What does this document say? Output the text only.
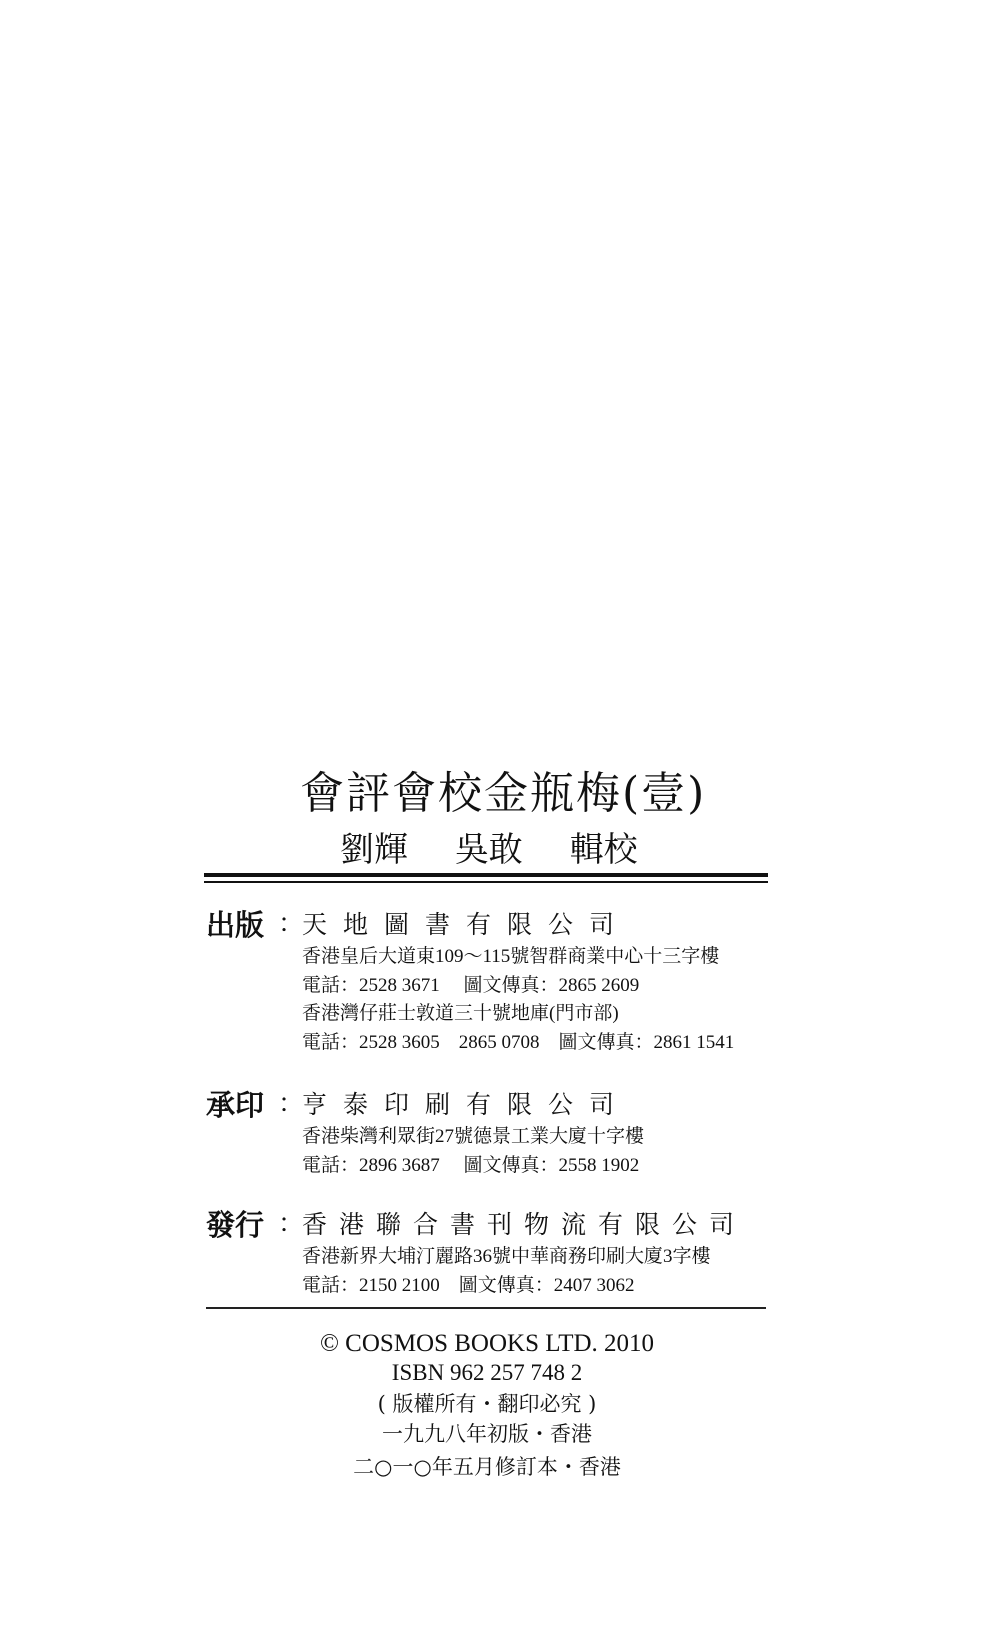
會評會校金瓶梅(壹)
劉輝 吳敢 輯校
出版 ：
天 地 圖 書 有 限 公 司
香港皇后大道東109～115號智群商業中心十三字樓
電話：2528 3671　 圖文傳真：2865 2609
香港灣仔莊士敦道三十號地庫(門市部)
電話：2528 3605　2865 0708　圖文傳真：2861 1541
承印 ：
亨 泰 印 刷 有 限 公 司
香港柴灣利眾街27號德景工業大廈十字樓
電話：2896 3687　 圖文傳真：2558 1902
發行 ：
香 港 聯 合 書 刊 物 流 有 限 公 司
香港新界大埔汀麗路36號中華商務印刷大廈3字樓
電話：2150 2100　圖文傳真：2407 3062
© COSMOS BOOKS LTD. 2010
ISBN 962 257 748 2
( 版權所有・翻印必究 )
一九九八年初版・香港
二○一○年五月修訂本・香港
